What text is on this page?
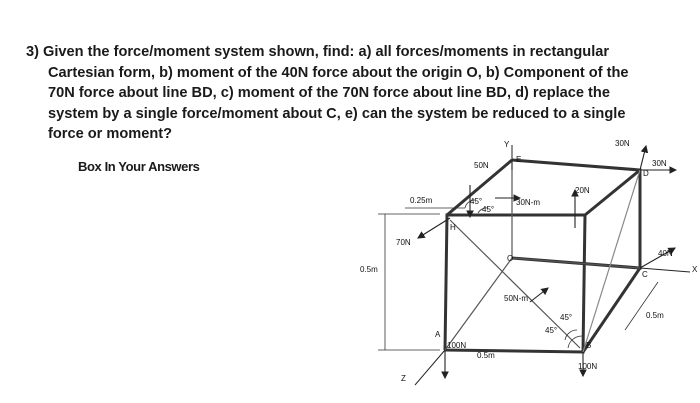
3) Given the force/moment system shown, find: a) all forces/moments in rectangular
Cartesian form, b) moment of the 40N force about the origin O, b) Component of the
70N force about line BD, c) moment of the 70N force about line BD, d) replace the
system by a single force/moment about C, e) can the system be reduced to a single
force or moment?
Box In Your Answers
Y
X
Z
O
A
B
C
D
E
H
50N
20N
30N
30N
40N
70N
100N
100N
30N-m
50N-m
0.25m
0.5m
0.5m
0.5m
45°
45°
45°
45°
